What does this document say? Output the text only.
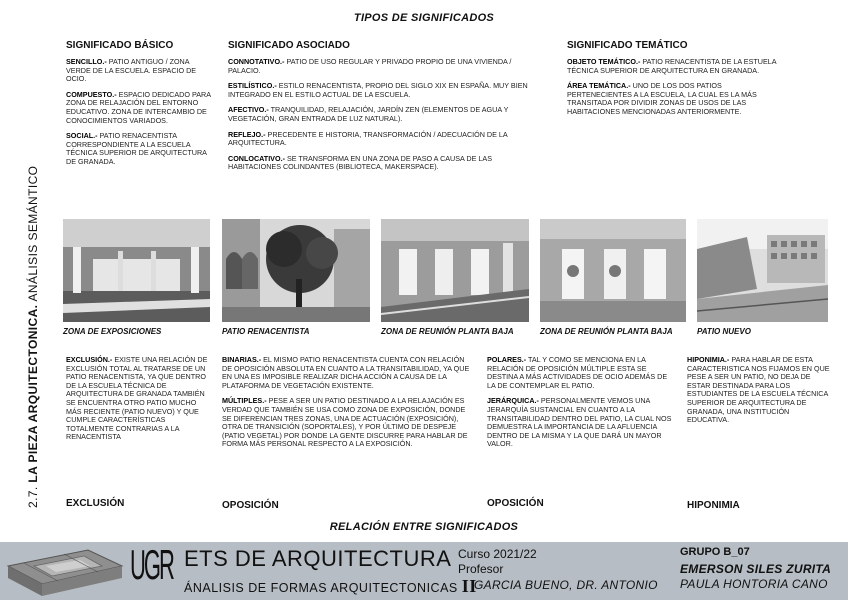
TIPOS DE SIGNIFICADOS
2.7. LA PIEZA ARQUITECTONICA. ANÁLISIS SEMÁNTICO
SIGNIFICADO BÁSICO	SIGNIFICADO ASOCIADO	SIGNIFICADO TEMÁTICO

SENCILLO.- PATIO ANTIGUO / ZONA VERDE DE LA ESCUELA. ESPACIO DE OCIO.

COMPUESTO.- ESPACIO DEDICADO PARA ZONA DE RELAJACIÓN DEL ENTORNO EDUCATIVO. ZONA DE INTERCAMBIO DE CONOCIMIENTOS VARIADOS.

SOCIAL.- PATIO RENACENTISTA CORRESPONDIENTE A LA ESCUELA TÉCNICA SUPERIOR DE ARQUITECTURA DE GRANADA.

CONNOTATIVO.- PATIO DE USO REGULAR Y PRIVADO PROPIO DE UNA VIVIENDA / PALACIO.

ESTILÍSTICO.- ESTILO RENACENTISTA, PROPIO DEL SIGLO XIX EN ESPAÑA. MUY BIEN INTEGRADO EN EL ESTILO ACTUAL DE LA ESCUELA.

AFECTIVO.- TRANQUILIDAD, RELAJACIÓN, JARDÍN ZEN (ELEMENTOS DE AGUA Y VEGETACIÓN, GRAN ENTRADA DE LUZ NATURAL).

REFLEJO.- PRECEDENTE E HISTORIA, TRANSFORMACIÓN / ADECUACIÓN DE LA ARQUITECTURA.

CONLOCATIVO.- SE TRANSFORMA EN UNA ZONA DE PASO A CAUSA DE LAS HABITACIONES COLINDANTES (BIBLIOTECA, MAKERSPACE).

OBJETO TEMÁTICO.- PATIO RENACENTISTA DE LA ESTUELA TÉCNICA SUPERIOR DE ARQUITECTURA EN GRANADA.

ÁREA TEMÁTICA.- UNO DE LOS DOS PATIOS PERTENECIENTES A LA ESCUELA, LA CUAL ES LA MÁS TRANSITADA POR DIVIDIR ZONAS DE USOS DE LAS HABITACIONES MENCIONADAS ANTERIORMENTE.

ZONA DE EXPOSICIONES	PATIO RENACENTISTA	ZONA DE REUNIÓN PLANTA BAJA	ZONA DE REUNIÓN PLANTA BAJA	PATIO NUEVO

EXCLUSIÓN.- EXISTE UNA RELACIÓN DE EXCLUSIÓN TOTAL AL TRATARSE DE UN PATIO RENACENTISTA, YA QUE DENTRO DE LA ESCUELA TÉCNICA DE ARQUITECTURA DE GRANADA TAMBIÉN SE ENCUENTRA OTRO PATIO MUCHO MÁS RECIENTE (PATIO NUEVO) Y QUE CUMPLE CARACTERÍSTICAS TOTALMENTE CONTRARIAS A LA RENACENTISTA

BINARIAS.- EL MISMO PATIO RENACENTISTA CUENTA CON RELACIÓN DE OPOSICIÓN ABSOLUTA EN CUANTO A LA TRANSITABILIDAD, YA QUE EN UNA ES IMPOSIBLE REALIZAR DICHA ACCIÓN A CAUSA DE LA PLATAFORMA DE VEGETACIÓN EXISTENTE.

MÚLTIPLES.- PESE A SER UN PATIO DESTINADO A LA RELAJACIÓN ES VERDAD QUE TAMBIÉN SE USA COMO ZONA DE EXPOSICIÓN, DONDE SE DIFERENCIAN TRES ZONAS, UNA DE ACTUACIÓN (EXPOSICIÓN), OTRA DE TRANSICIÓN (SOPORTALES), Y POR ÚLTIMO DE DESPEJE (PATIO VEGETAL) POR DONDE LA GENTE DISCURRE PARA HABLAR DE FORMA MÁS PERSONAL RESPECTO A LA EXPOSICIÓN.

POLARES.- TAL Y COMO SE MENCIONA EN LA RELACIÓN DE OPOSICIÓN MÚLTIPLE ESTA SE DESTINA A MÁS ACTIVIDADES DE OCIO ADEMÁS DE LA DE CONTEMPLAR EL PATIO.

JERÁRQUICA.- PERSONALMENTE VEMOS UNA JERARQUÍA SUSTANCIAL EN CUANTO A LA TRANSITABILIDAD DENTRO DEL PATIO, LA CUAL NOS DEMUESTRA LA IMPORTANCIA DE LA AFLUENCIA DENTRO DE LA MISMA Y LA QUE DARÁ UN MAYOR VALOR.

HIPONIMIA.- PARA HABLAR DE ESTA CARACTERISTICA NOS FIJAMOS EN QUE PESE A SER UN PATIO, NO DEJA DE ESTAR DESTINADA PARA LOS ESTUDIANTES DE LA ESCUELA TÉCNICA SUPERIOR DE ARQUITECTURA DE GRANADA, UNA INSTITUCIÓN EDUCATIVA.

EXCLUSIÓN	OPOSICIÓN	OPOSICIÓN	HIPONIMIA
RELACIÓN ENTRE SIGNIFICADOS
UGR ETS DE ARQUITECTURA
ÁNALISIS DE FORMAS ARQUITECTONICAS II
Curso 2021/22
Profesor
GARCIA BUENO, DR. ANTONIO
GRUPO B_07
EMERSON SILES ZURITA
PAULA HONTORIA CANO
